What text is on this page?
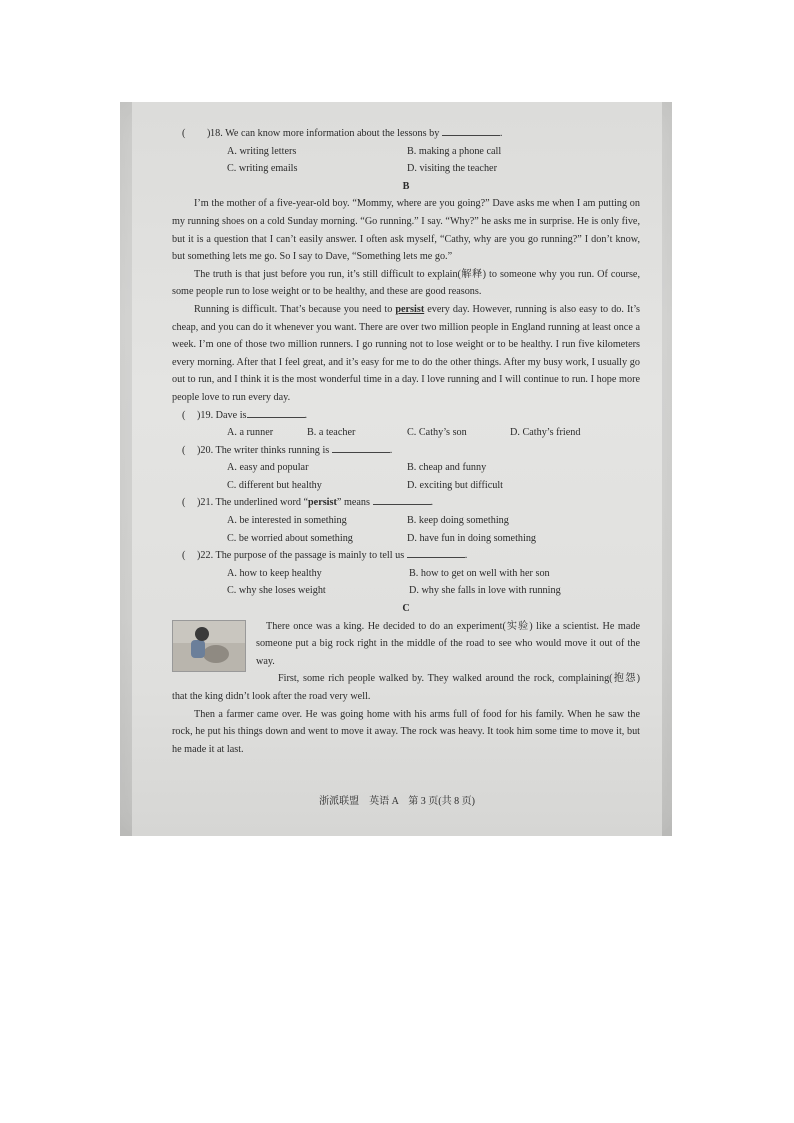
( ) 18. We can know more information about the lessons by	.
A. writing letters	B. making a phone call
C. writing emails	D. visiting the teacher
B

I’m the mother of a five-year-old boy. “Mommy, where are you going?” Dave asks me when I am putting on my running shoes on a cold Sunday morning. “Go running.” I say. “Why?” he asks me in surprise. He is only five, but it is a question that I can’t easily answer. I often ask myself, “Cathy, why are you go running?” I don’t know, but something lets me go. So I say to Dave, “Something lets me go.”

The truth is that just before you run, it’s still difficult to explain(解释) to someone why you run. Of course, some people run to lose weight or to be healthy, and these are good reasons.

Running is difficult. That’s because you need to persist every day. However, running is also easy to do. It’s cheap, and you can do it whenever you want. There are over two million people in England running at least once a week. I’m one of those two million runners. I go running not to lose weight or to be healthy. I run five kilometers every morning. After that I feel great, and it’s easy for me to do the other things. After my busy work, I usually go out to run, and I think it is the most wonderful time in a day. I love running and I will continue to run. I hope more people love to run every day.

( )19. Dave is	.
A. a runner	B. a teacher	C. Cathy’s son	D. Cathy’s friend
( )20. The writer thinks running is	.
A. easy and popular	B. cheap and funny
C. different but healthy	D. exciting but difficult
( )21. The underlined word “persist” means	.
A. be interested in something	B. keep doing something
C. be worried about something	D. have fun in doing something
( )22. The purpose of the passage is mainly to tell us	.
A. how to keep healthy	B. how to get on well with her son
C. why she loses weight	D. why she falls in love with running
C

There once was a king. He decided to do an experiment(实验) like a scientist. He made someone put a big rock right in the middle of the road to see who would move it out of the way.

First, some rich people walked by. They walked around the rock, complaining(抱怨) that the king didn’t look after the road very well.

Then a farmer came over. He was going home with his arms full of food for his family. When he saw the rock, he put his things down and went to move it away. The rock was heavy. It took him some time to move it, but he made it at last.

浙派联盟　英语 A　第 3 页(共 8 页)
